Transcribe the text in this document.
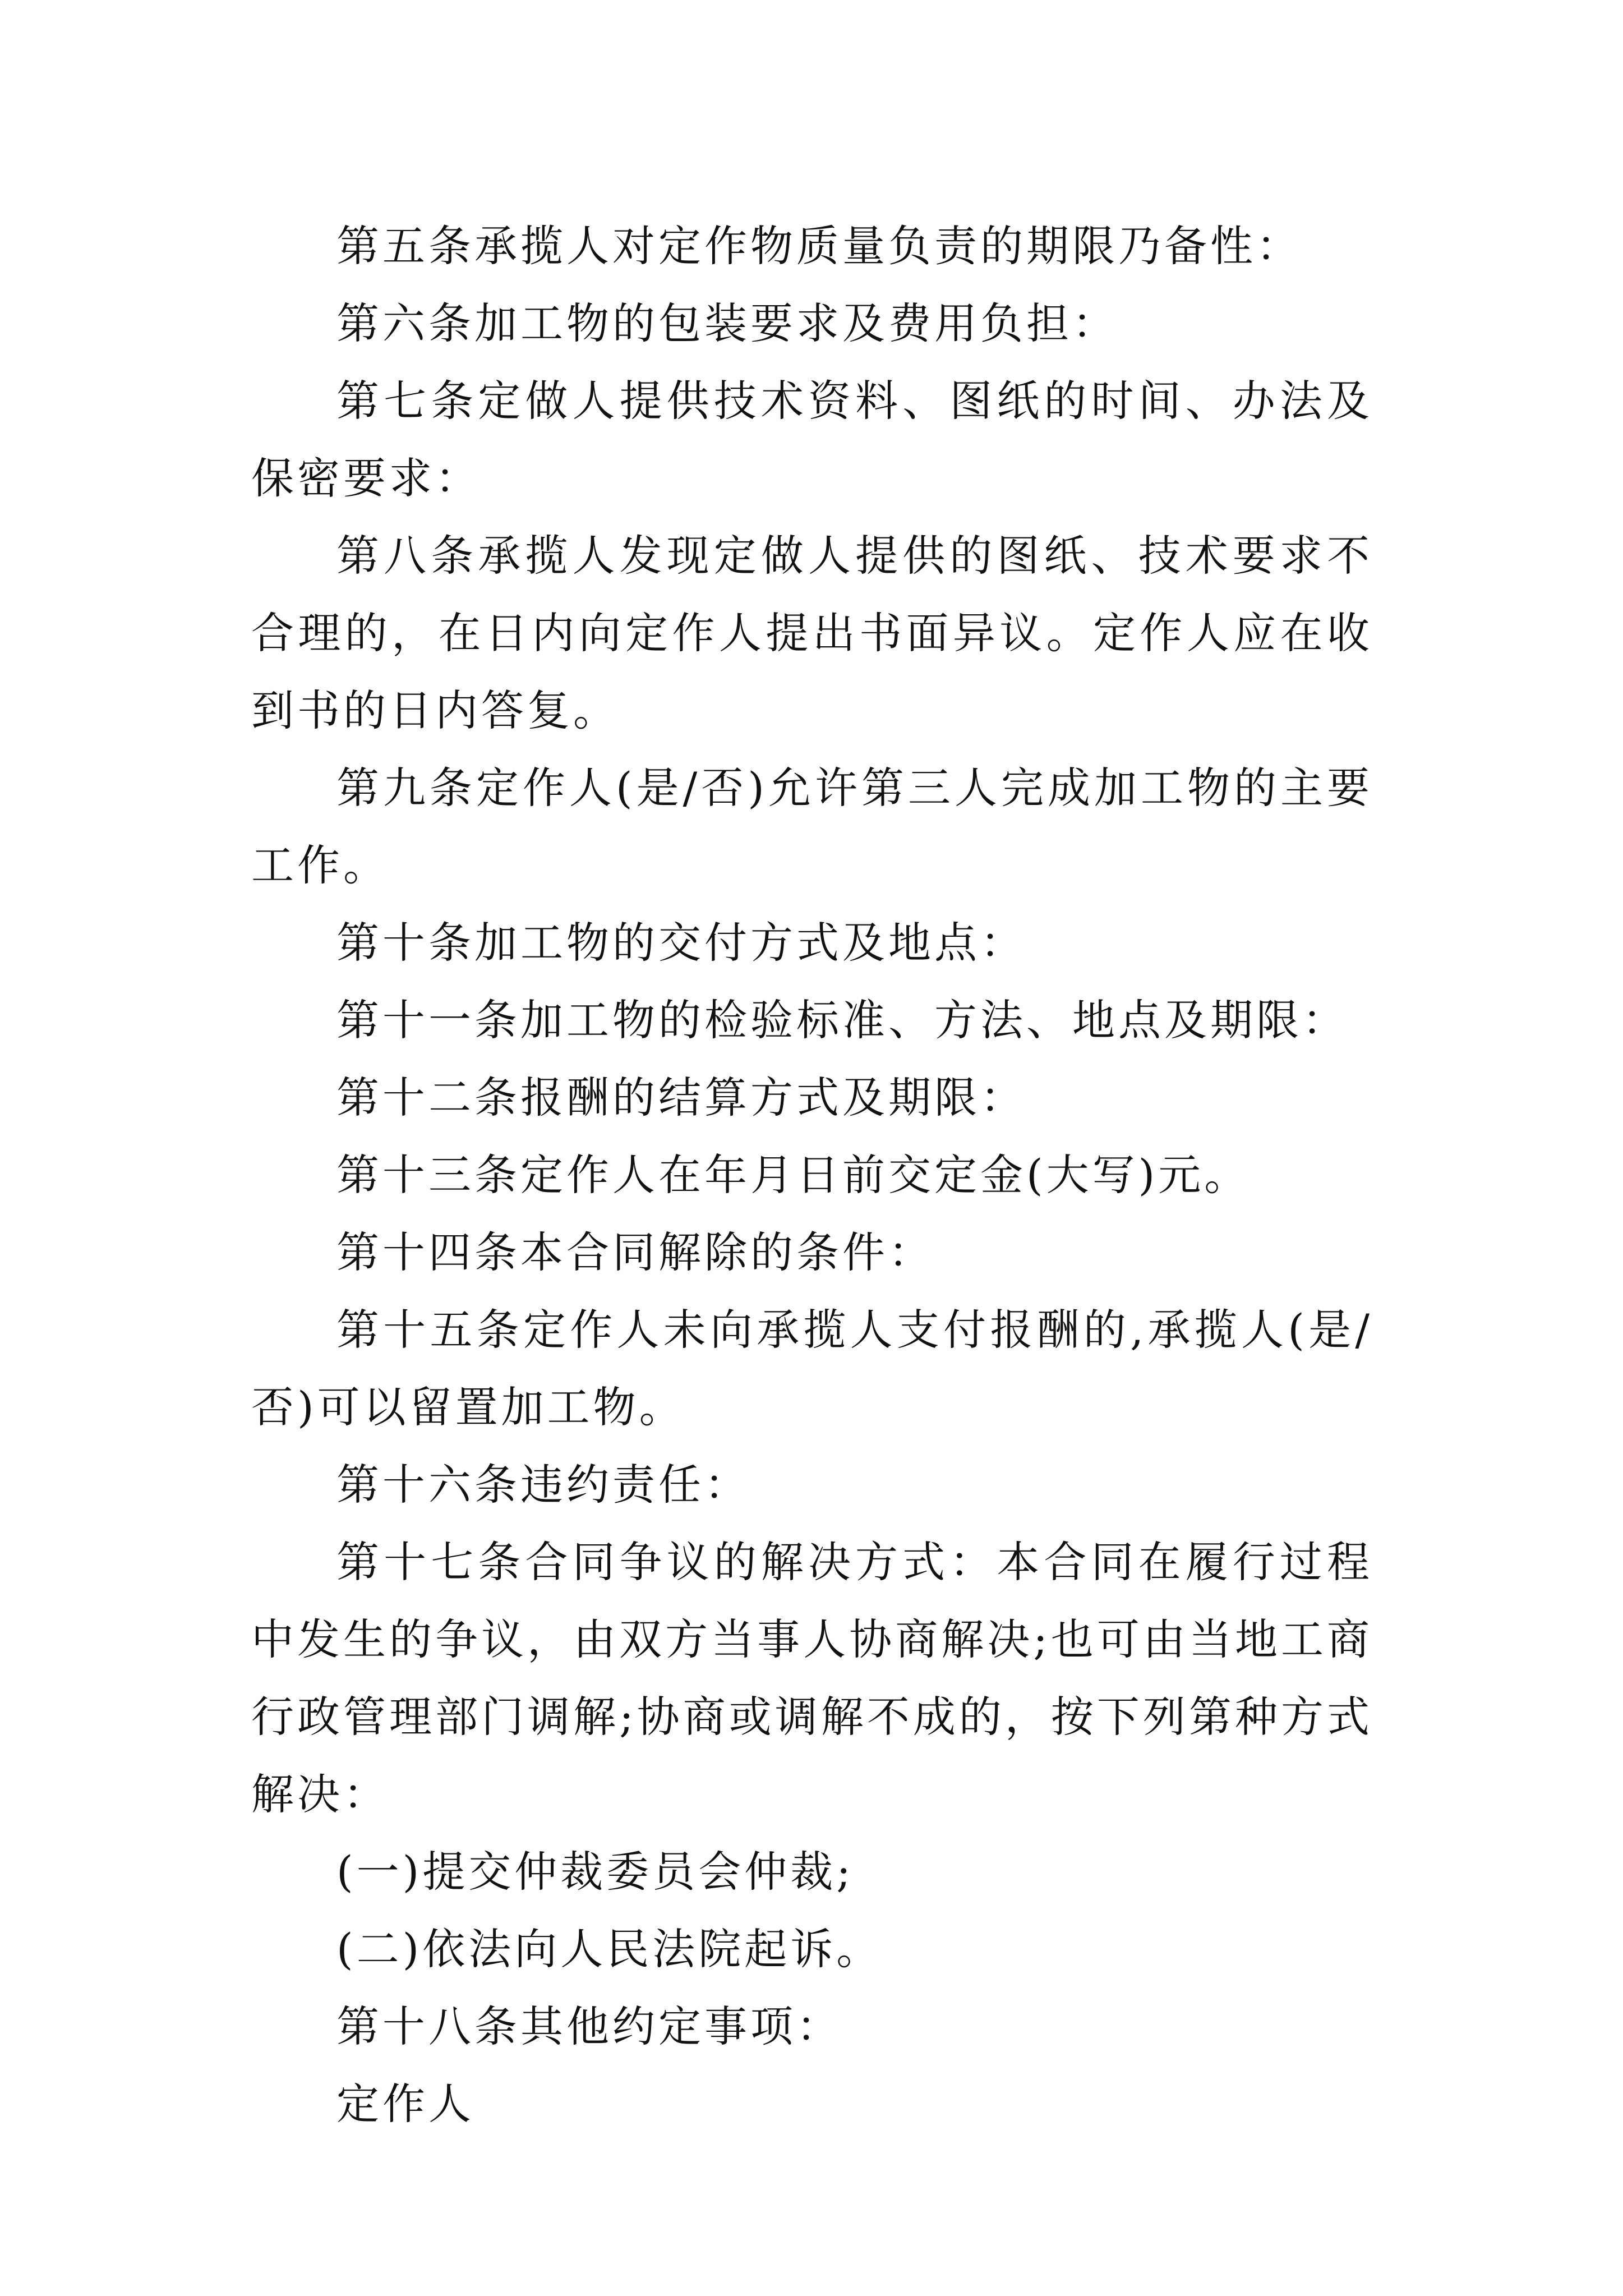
第五条承揽人对定作物质量负责的期限乃备性：

第六条加工物的包装要求及费用负担：

第七条定做人提供技术资料、图纸的时间、办法及保密要求：

第八条承揽人发现定做人提供的图纸、技术要求不合理的，在日内向定作人提出书面异议。定作人应在收到书的日内答复。

第九条定作人(是/否)允许第三人完成加工物的主要工作。

第十条加工物的交付方式及地点：

第十一条加工物的检验标准、方法、地点及期限：

第十二条报酬的结算方式及期限：

第十三条定作人在年月日前交定金(大写)元。

第十四条本合同解除的条件：

第十五条定作人未向承揽人支付报酬的,承揽人(是/否)可以留置加工物。

第十六条违约责任：

第十七条合同争议的解决方式：本合同在履行过程中发生的争议，由双方当事人协商解决;也可由当地工商行政管理部门调解;协商或调解不成的，按下列第种方式解决：

(一)提交仲裁委员会仲裁;

(二)依法向人民法院起诉。

第十八条其他约定事项：

定作人
